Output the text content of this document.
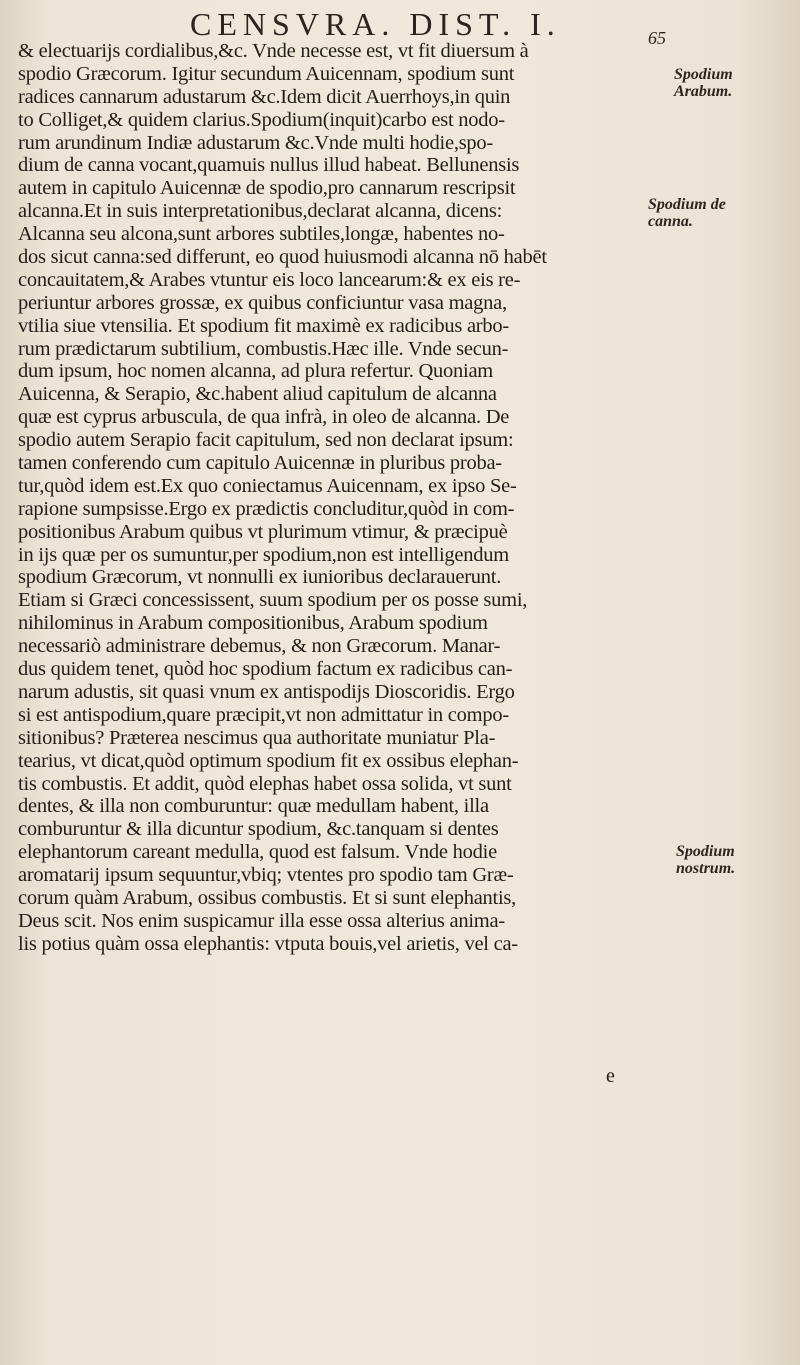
CENSVRA. DIST. I.	65
& electuarijs cordialibus,&c. Vnde necesse est, vt fit diuersum à
spodio Græcorum. Igitur secundum Auicennam, spodium sunt
radices cannarum adustarum &c.Idem dicit Auerrhoys,in quin
to Colliget,& quidem clarius.Spodium(inquit)carbo est nodo-
rum arundinum Indiæ adustarum &c.Vnde multi hodie,spo-
dium de canna vocant,quamuis nullus illud habeat. Bellunensis
autem in capitulo Auicennæ de spodio,pro cannarum rescripsit
alcanna.Et in suis interpretationibus,declarat alcanna, dicens:
Alcanna seu alcona,sunt arbores subtiles,longæ, habentes no-
dos sicut canna:sed differunt, eo quod huiusmodi alcanna nō habēt
concauitatem,& Arabes vtuntur eis loco lancearum:& ex eis re-
periuntur arbores grossæ, ex quibus conficiuntur vasa magna,
vtilia siue vtensilia. Et spodium fit maximè ex radicibus arbo-
rum prædictarum subtilium, combustis.Hæc ille. Vnde secun-
dum ipsum, hoc nomen alcanna, ad plura refertur. Quoniam
Auicenna, & Serapio, &c.habent aliud capitulum de alcanna
quæ est cyprus arbuscula, de qua infrà, in oleo de alcanna. De
spodio autem Serapio facit capitulum, sed non declarat ipsum:
tamen conferendo cum capitulo Auicennæ in pluribus proba-
tur,quòd idem est.Ex quo coniectamus Auicennam, ex ipso Se-
rapione sumpsisse.Ergo ex prædictis concluditur,quòd in com-
positionibus Arabum quibus vt plurimum vtimur, & præcipuè
in ijs quæ per os sumuntur,per spodium,non est intelligendum
spodium Græcorum, vt nonnulli ex iunioribus declarauerunt.
Etiam si Græci concessissent, suum spodium per os posse sumi,
nihilominus in Arabum compositionibus, Arabum spodium
necessariò administrare debemus, & non Græcorum. Manar-
dus quidem tenet, quòd hoc spodium factum ex radicibus can-
narum adustis, sit quasi vnum ex antispodijs Dioscoridis. Ergo
si est antispodium,quare præcipit,vt non admittatur in compo-
sitionibus? Præterea nescimus qua authoritate muniatur Pla-
tearius, vt dicat,quòd optimum spodium fit ex ossibus elephan-
tis combustis. Et addit, quòd elephas habet ossa solida, vt sunt
dentes, & illa non comburuntur: quæ medullam habent, illa
comburuntur & illa dicuntur spodium, &c.tanquam si dentes
elephantorum careant medulla, quod est falsum. Vnde hodie
aromatarij ipsum sequuntur,vbiq; vtentes pro spodio tam Græ-
corum quàm Arabum, ossibus combustis. Et si sunt elephantis,
Deus scit. Nos enim suspicamur illa esse ossa alterius anima-
lis potius quàm ossa elephantis: vtputa bouis,vel arietis, vel ca-
Spodium
Arabum.
Spodium de
canna.
Spodium
nostrum.
e
